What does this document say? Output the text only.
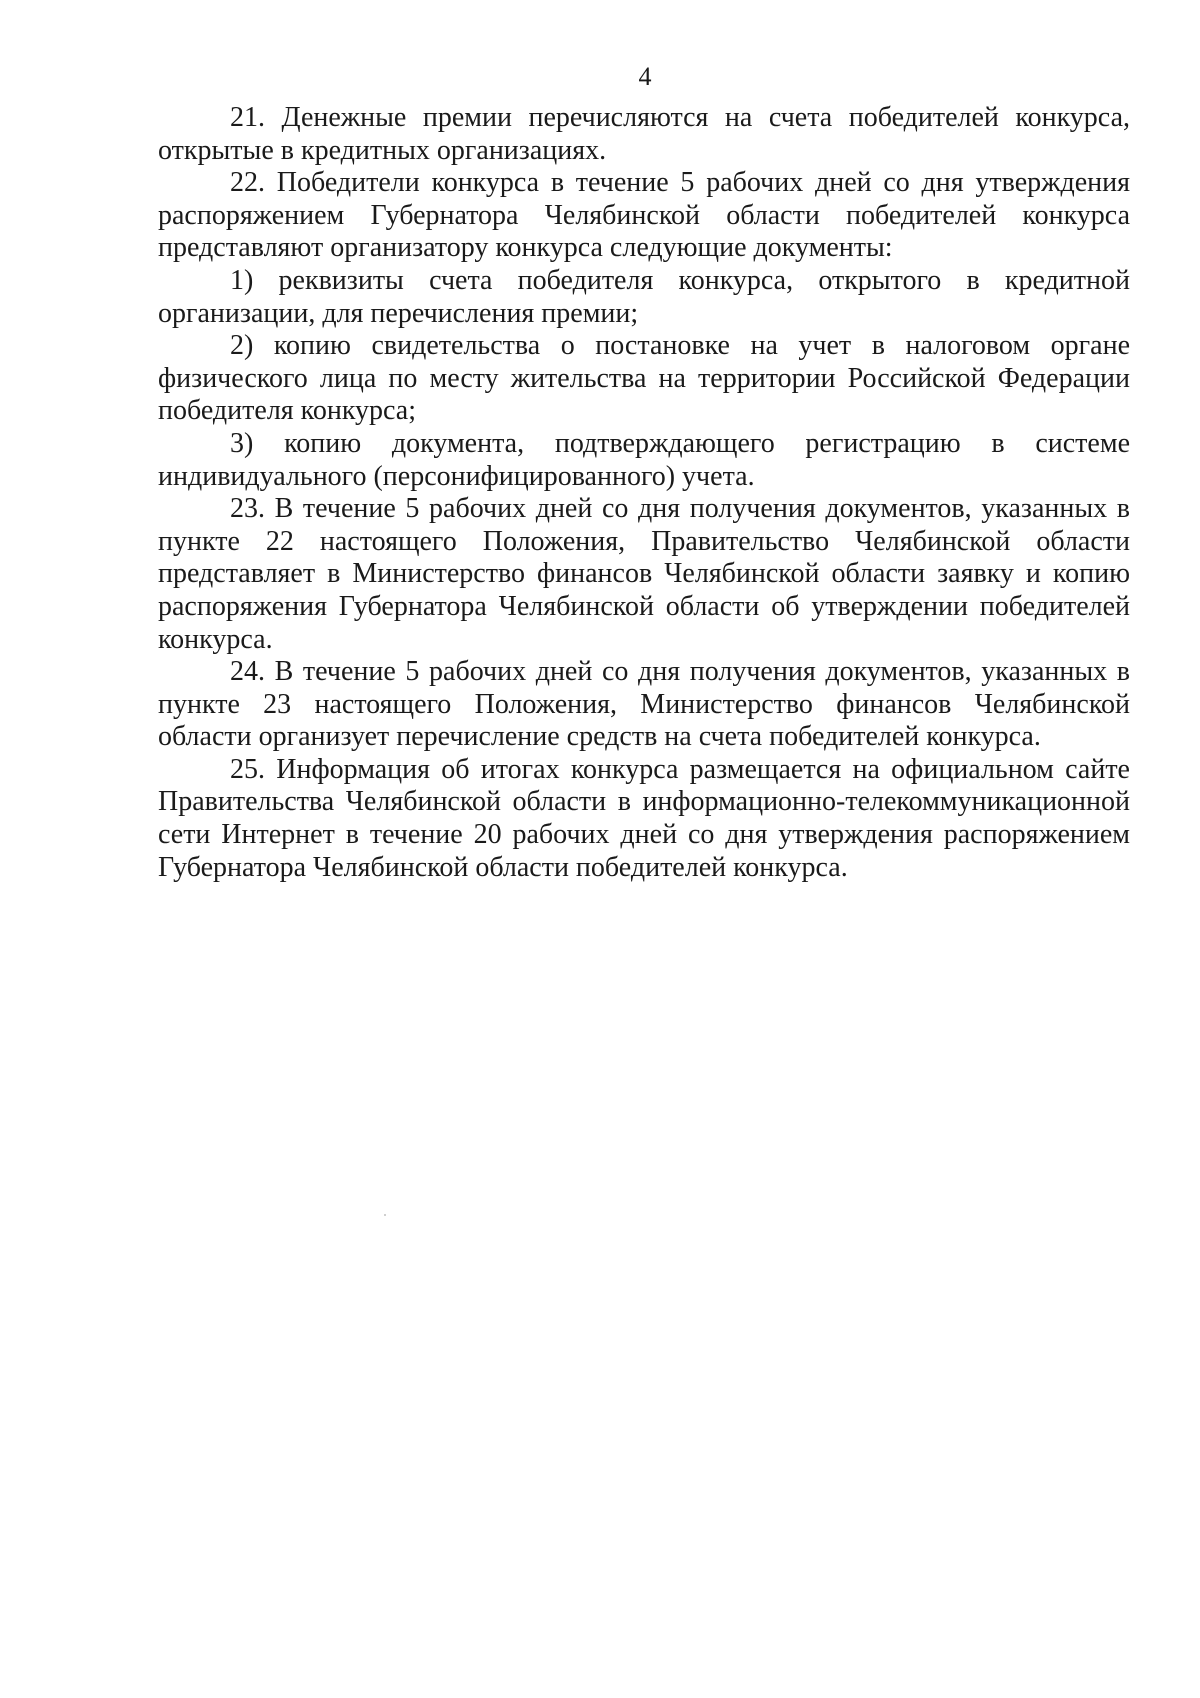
4

21. Денежные премии перечисляются на счета победителей конкурса, открытые в кредитных организациях.

22. Победители конкурса в течение 5 рабочих дней со дня утверждения распоряжением Губернатора Челябинской области победителей конкурса представляют организатору конкурса следующие документы:

1) реквизиты счета победителя конкурса, открытого в кредитной организации, для перечисления премии;

2) копию свидетельства о постановке на учет в налоговом органе физического лица по месту жительства на территории Российской Федерации победителя конкурса;

3) копию документа, подтверждающего регистрацию в системе индивидуального (персонифицированного) учета.

23. В течение 5 рабочих дней со дня получения документов, указанных в пункте 22 настоящего Положения, Правительство Челябинской области представляет в Министерство финансов Челябинской области заявку и копию распоряжения Губернатора Челябинской области об утверждении победителей конкурса.

24. В течение 5 рабочих дней со дня получения документов, указанных в пункте 23 настоящего Положения, Министерство финансов Челябинской области организует перечисление средств на счета победителей конкурса.

25. Информация об итогах конкурса размещается на официальном сайте Правительства Челябинской области в информационно-телекоммуникационной сети Интернет в течение 20 рабочих дней со дня утверждения распоряжением Губернатора Челябинской области победителей конкурса.
